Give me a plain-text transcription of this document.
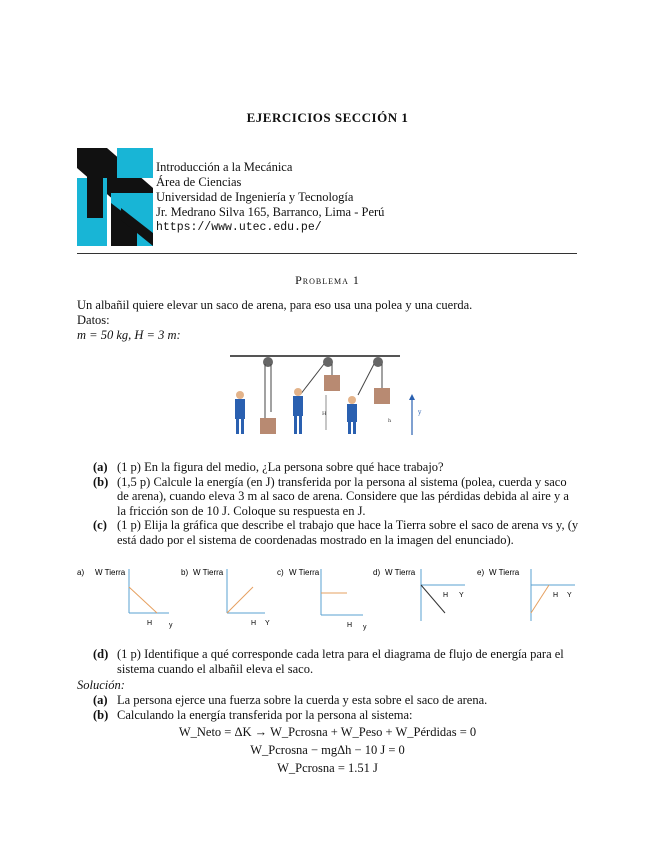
EJERCICIOS SECCIÓN 1
Introducción a la Mecánica
Área de Ciencias
Universidad de Ingeniería y Tecnología
Jr. Medrano Silva 165, Barranco, Lima - Perú
https://www.utec.edu.pe/
Problema 1
Un albañil quiere elevar un saco de arena, para eso usa una polea y una cuerda.
Datos:
m = 50 kg, H = 3 m:
H
h
y
(a) (1 p) En la figura del medio, ¿La persona sobre qué hace trabajo?
(b) (1,5 p) Calcule la energía (en J) transferida por la persona al sistema (polea, cuerda y saco de arena), cuando eleva 3 m al saco de arena. Considere que las pérdidas debida al aire y a la fricción son de 10 J. Coloque su respuesta en J.
(c) (1 p) Elija la gráfica que describe el trabajo que hace la Tierra sobre el saco de arena vs y, (y está dado por el sistema de coordenadas mostrado en la imagen del enunciado).
a) W Tierra
H y
b) W Tierra
H Y
c) W Tierra
H y
d) W Tierra
H Y
e) W Tierra
H Y
(d) (1 p) Identifique a qué corresponde cada letra para el diagrama de flujo de energía para el sistema cuando el albañil eleva el saco.
Solución:
(a) La persona ejerce una fuerza sobre la cuerda y esta sobre el saco de arena.
(b) Calculando la energía transferida por la persona al sistema:
W_Neto = ΔK → W_Pcrosna + W_Peso + W_Pérdidas = 0
W_Pcrosna − mgΔh − 10 J = 0
W_Pcrosna = 1.51 J
